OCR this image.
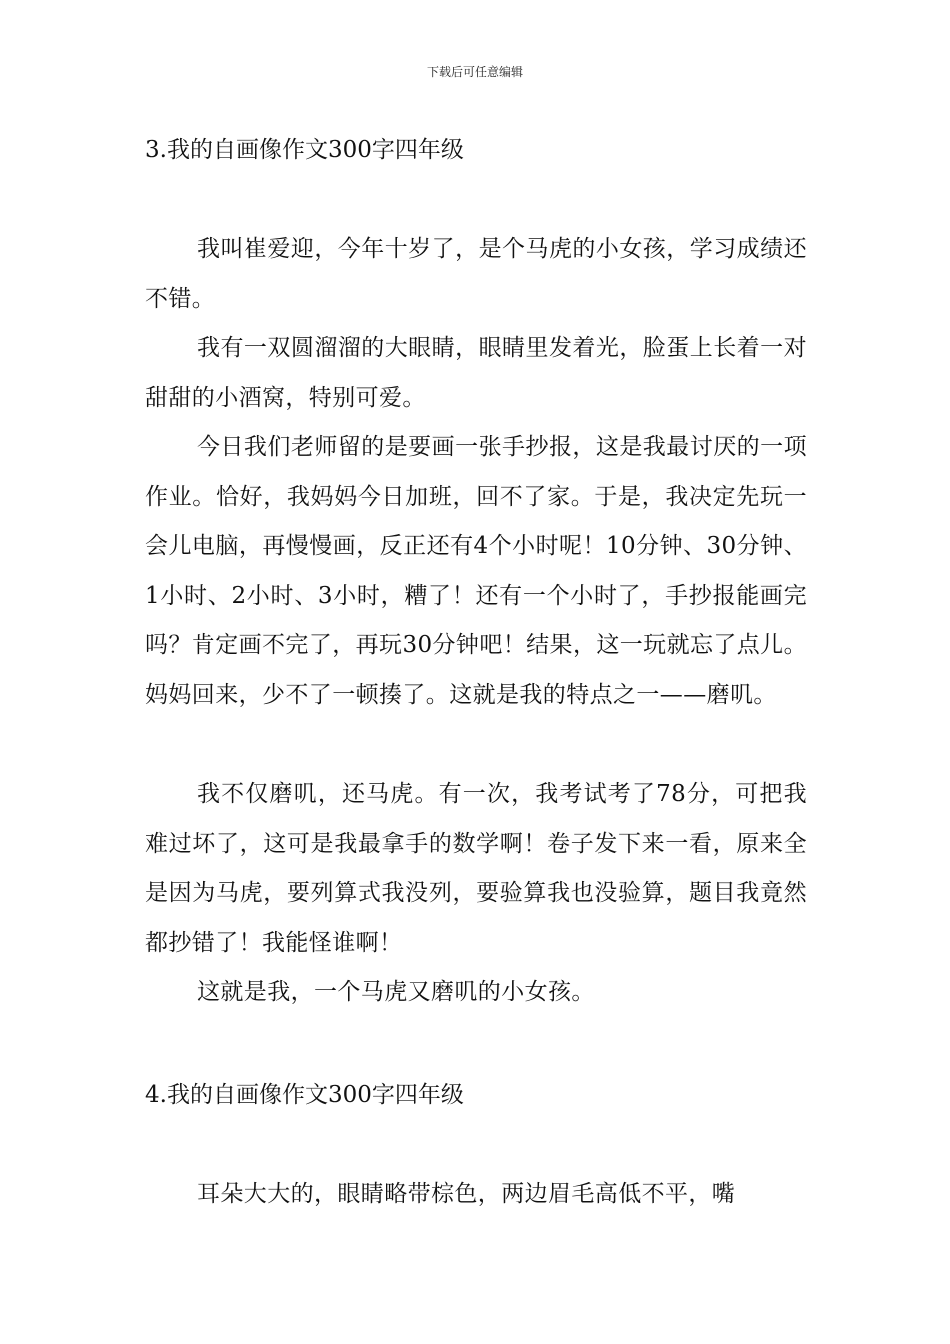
下载后可任意编辑
3.我的自画像作文300字四年级

我叫崔爱迎，今年十岁了，是个马虎的小女孩，学习成绩还不错。

我有一双圆溜溜的大眼睛，眼睛里发着光，脸蛋上长着一对甜甜的小酒窝，特别可爱。

今日我们老师留的是要画一张手抄报，这是我最讨厌的一项作业。恰好，我妈妈今日加班，回不了家。于是，我决定先玩一会儿电脑，再慢慢画，反正还有4个小时呢！10分钟、30分钟、1小时、2小时、3小时，糟了！还有一个小时了，手抄报能画完吗？肯定画不完了，再玩30分钟吧！结果，这一玩就忘了点儿。妈妈回来，少不了一顿揍了。这就是我的特点之一——磨叽。

我不仅磨叽，还马虎。有一次，我考试考了78分，可把我难过坏了，这可是我最拿手的数学啊！卷子发下来一看，原来全是因为马虎，要列算式我没列，要验算我也没验算，题目我竟然都抄错了！我能怪谁啊！

这就是我，一个马虎又磨叽的小女孩。

4.我的自画像作文300字四年级

耳朵大大的，眼睛略带棕色，两边眉毛高低不平，嘴
